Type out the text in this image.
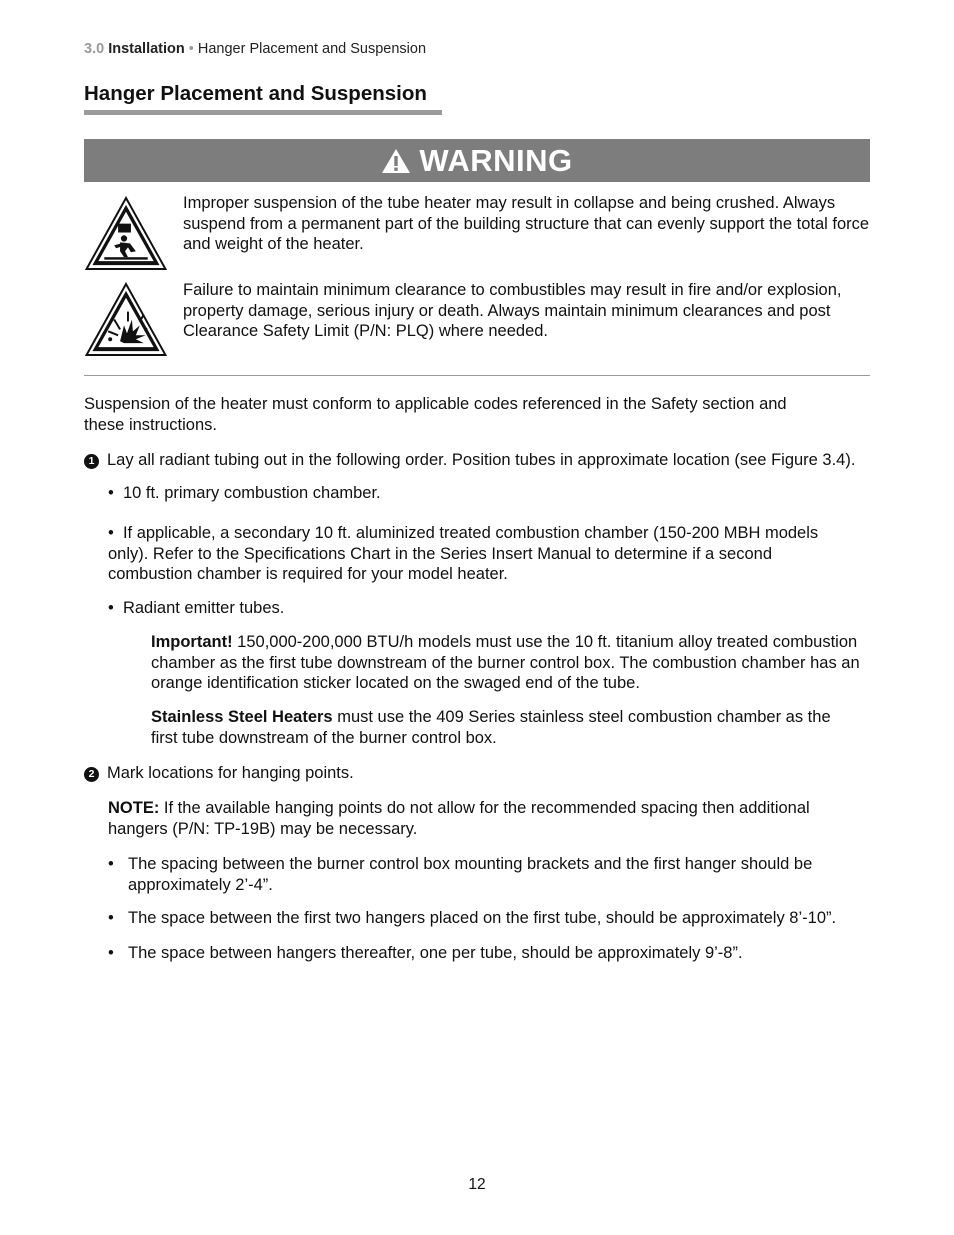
3.0 Installation • Hanger Placement and Suspension
Hanger Placement and Suspension
WARNING
Improper suspension of the tube heater may result in collapse and being crushed. Always suspend from a permanent part of the building structure that can evenly support the total force and weight of the heater.
Failure to maintain minimum clearance to combustibles may result in fire and/or explosion, property damage, serious injury or death. Always maintain minimum clearances and post Clearance Safety Limit (P/N: PLQ) where needed.
Suspension of the heater must conform to applicable codes referenced in the Safety section and these instructions.
1 Lay all radiant tubing out in the following order. Position tubes in approximate location (see Figure 3.4).
•  10 ft. primary combustion chamber.
•  If applicable, a secondary 10 ft. aluminized treated combustion chamber (150-200 MBH models only). Refer to the Specifications Chart in the Series Insert Manual to determine if a second combustion chamber is required for your model heater.
•  Radiant emitter tubes.
Important! 150,000-200,000 BTU/h models must use the 10 ft. titanium alloy treated combustion chamber as the first tube downstream of the burner control box. The combustion chamber has an orange identification sticker located on the swaged end of the tube.
Stainless Steel Heaters must use the 409 Series stainless steel combustion chamber as the first tube downstream of the burner control box.
2 Mark locations for hanging points.
NOTE: If the available hanging points do not allow for the recommended spacing then additional hangers (P/N: TP-19B) may be necessary.
• The spacing between the burner control box mounting brackets and the first hanger should be approximately 2’-4”.
• The space between the first two hangers placed on the first tube, should be approximately 8’-10”.
• The space between hangers thereafter, one per tube, should be approximately 9’-8”.
12
